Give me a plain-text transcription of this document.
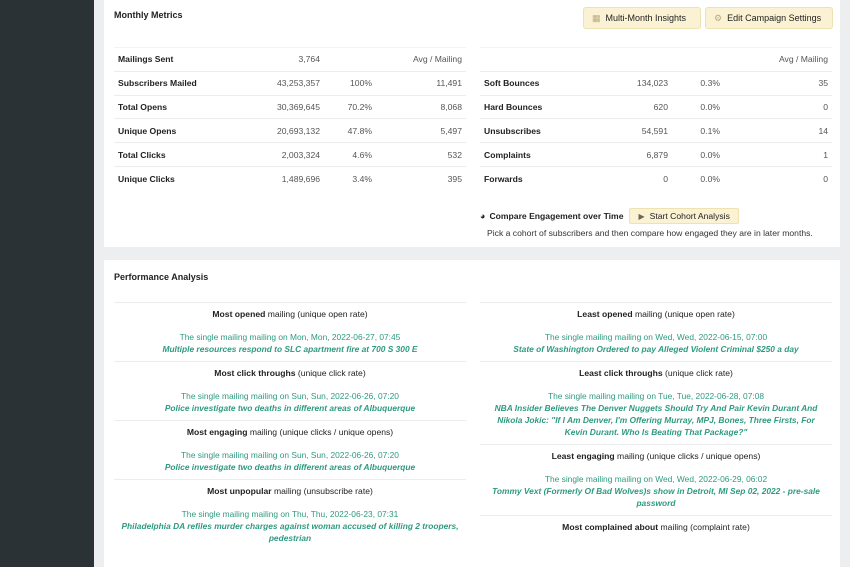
Monthly Metrics	▦ Multi-Month Insights	⚙ Edit Campaign Settings
Mailings Sent	3,764		Avg / Mailing
Subscribers Mailed	43,253,357	100%	11,491
Total Opens	30,369,645	70.2%	8,068
Unique Opens	20,693,132	47.8%	5,497
Total Clicks	2,003,324	4.6%	532
Unique Clicks	1,489,696	3.4%	395
			Avg / Mailing
Soft Bounces	134,023	0.3%	35
Hard Bounces	620	0.0%	0
Unsubscribes	54,591	0.1%	14
Complaints	6,879	0.0%	1
Forwards	0	0.0%	0
◕ Compare Engagement over Time ▶ Start Cohort Analysis
Pick a cohort of subscribers and then compare how engaged they are in later months.
Performance Analysis
Most opened mailing (unique open rate)
The single mailing mailing on Mon, Mon, 2022-06-27, 07:45
Multiple resources respond to SLC apartment fire at 700 S 300 E
Most click throughs (unique click rate)
The single mailing mailing on Sun, Sun, 2022-06-26, 07:20
Police investigate two deaths in different areas of Albuquerque
Most engaging mailing (unique clicks / unique opens)
The single mailing mailing on Sun, Sun, 2022-06-26, 07:20
Police investigate two deaths in different areas of Albuquerque
Most unpopular mailing (unsubscribe rate)
The single mailing mailing on Thu, Thu, 2022-06-23, 07:31
Philadelphia DA refiles murder charges against woman accused of killing 2 troopers, pedestrian
Least opened mailing (unique open rate)
The single mailing mailing on Wed, Wed, 2022-06-15, 07:00
State of Washington Ordered to pay Alleged Violent Criminal $250 a day
Least click throughs (unique click rate)
The single mailing mailing on Tue, Tue, 2022-06-28, 07:08
NBA Insider Believes The Denver Nuggets Should Try And Pair Kevin Durant And Nikola Jokic: "If I Am Denver, I'm Offering Murray, MPJ, Bones, Three Firsts, For Kevin Durant. Who Is Beating That Package?"
Least engaging mailing (unique clicks / unique opens)
The single mailing mailing on Wed, Wed, 2022-06-29, 06:02
Tommy Vext (Formerly Of Bad Wolves)s show in Detroit, MI Sep 02, 2022 - pre-sale password
Most complained about mailing (complaint rate)
